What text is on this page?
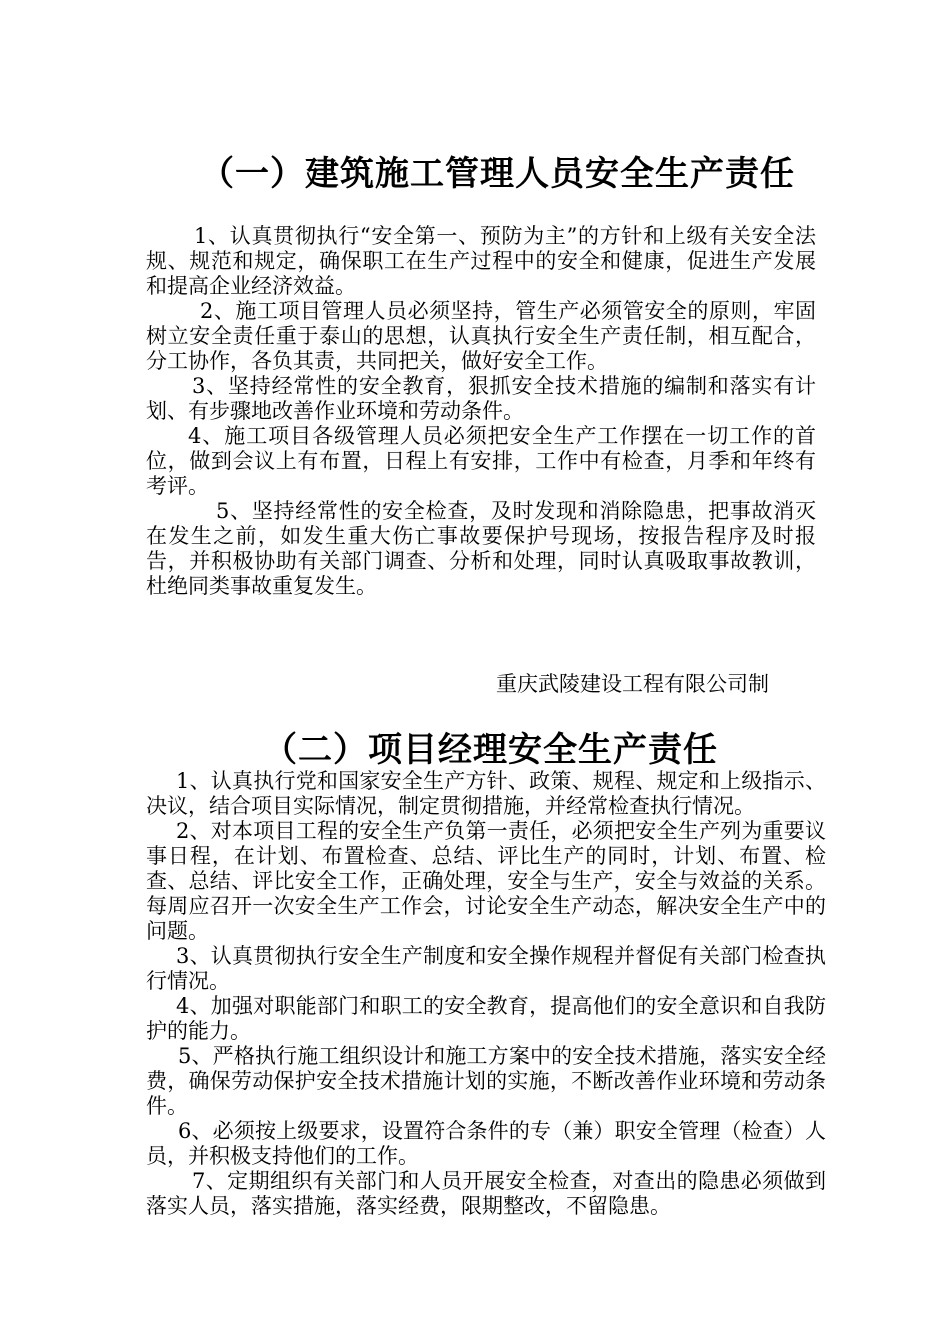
（一）建筑施工管理人员安全生产责任

1、认真贯彻执行“安全第一、预防为主”的方针和上级有关安全法规、规范和规定，确保职工在生产过程中的安全和健康，促进生产发展和提高企业经济效益。

2、施工项目管理人员必须坚持，管生产必须管安全的原则，牢固树立安全责任重于泰山的思想，认真执行安全生产责任制，相互配合，分工协作，各负其责，共同把关，做好安全工作。

3、坚持经常性的安全教育，狠抓安全技术措施的编制和落实有计划、有步骤地改善作业环境和劳动条件。

4、施工项目各级管理人员必须把安全生产工作摆在一切工作的首位，做到会议上有布置，日程上有安排，工作中有检查，月季和年终有考评。

5、坚持经常性的安全检查，及时发现和消除隐患，把事故消灭在发生之前，如发生重大伤亡事故要保护号现场，按报告程序及时报告，并积极协助有关部门调查、分析和处理，同时认真吸取事故教训，杜绝同类事故重复发生。

重庆武陵建设工程有限公司制
（二）项目经理安全生产责任

1、认真执行党和国家安全生产方针、政策、规程、规定和上级指示、决议，结合项目实际情况，制定贯彻措施，并经常检查执行情况。

2、对本项目工程的安全生产负第一责任，必须把安全生产列为重要议事日程，在计划、布置检查、总结、评比生产的同时，计划、布置、检查、总结、评比安全工作，正确处理，安全与生产，安全与效益的关系。每周应召开一次安全生产工作会，讨论安全生产动态，解决安全生产中的问题。

3、认真贯彻执行安全生产制度和安全操作规程并督促有关部门检查执行情况。

4、加强对职能部门和职工的安全教育，提高他们的安全意识和自我防护的能力。

5、严格执行施工组织设计和施工方案中的安全技术措施，落实安全经费，确保劳动保护安全技术措施计划的实施，不断改善作业环境和劳动条件。

6、必须按上级要求，设置符合条件的专（兼）职安全管理（检查）人员，并积极支持他们的工作。

7、定期组织有关部门和人员开展安全检查，对查出的隐患必须做到落实人员，落实措施，落实经费，限期整改，不留隐患。
